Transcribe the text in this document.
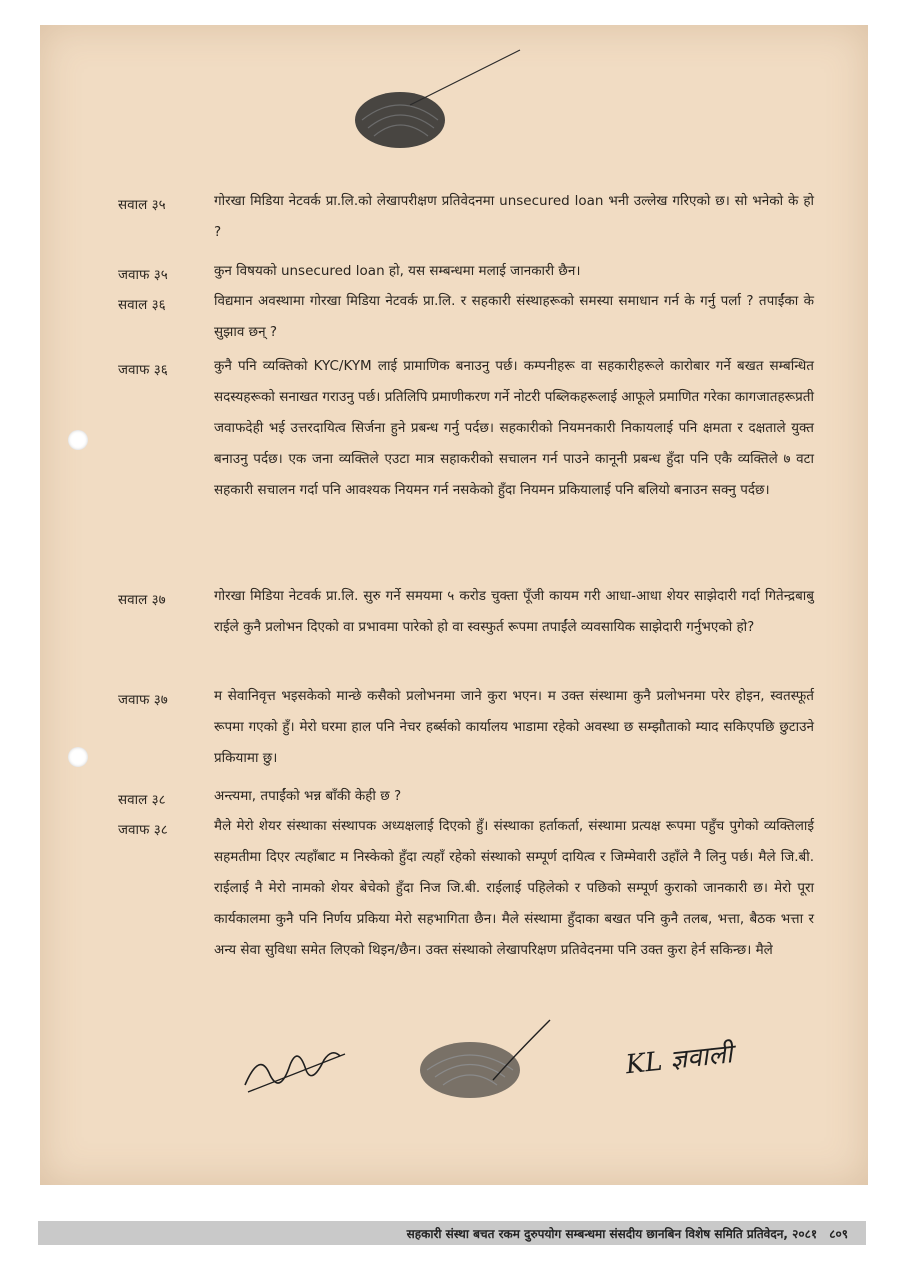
सवाल ३५	गोरखा मिडिया नेटवर्क प्रा.लि.को लेखापरीक्षण प्रतिवेदनमा unsecured loan भनी उल्लेख गरिएको छ। सो भनेको के हो ?
जवाफ ३५	कुन विषयको unsecured loan हो, यस सम्बन्धमा मलाई जानकारी छैन।
सवाल ३६	विद्यमान अवस्थामा गोरखा मिडिया नेटवर्क प्रा.लि. र सहकारी संस्थाहरूको समस्या समाधान गर्न के गर्नु पर्ला ? तपाईंका के सुझाव छन् ?
जवाफ ३६	कुनै पनि व्यक्तिको KYC/KYM लाई प्रामाणिक बनाउनु पर्छ। कम्पनीहरू वा सहकारीहरूले कारोबार गर्ने बखत सम्बन्धित सदस्यहरूको सनाखत गराउनु पर्छ। प्रतिलिपि प्रमाणीकरण गर्ने नोटरी पब्लिकहरूलाई आफूले प्रमाणित गरेका कागजातहरूप्रती जवाफदेही भई उत्तरदायित्व सिर्जना हुने प्रबन्ध गर्नु पर्दछ। सहकारीको नियमनकारी निकायलाई पनि क्षमता र दक्षताले युक्त बनाउनु पर्दछ। एक जना व्यक्तिले एउटा मात्र सहाकरीको सचालन गर्न पाउने कानूनी प्रबन्ध हुँदा पनि एकै व्यक्तिले ७ वटा सहकारी सचालन गर्दा पनि आवश्यक नियमन गर्न नसकेको हुँदा नियमन प्रकियालाई पनि बलियो बनाउन सक्नु पर्दछ।
सवाल ३७	गोरखा मिडिया नेटवर्क प्रा.लि. सुरु गर्ने समयमा ५ करोड चुक्ता पूँजी कायम गरी आधा-आधा शेयर साझेदारी गर्दा गितेन्द्रबाबु राईले कुनै प्रलोभन दिएको वा प्रभावमा पारेको हो वा स्वस्फुर्त रूपमा तपाईंले व्यवसायिक साझेदारी गर्नुभएको हो?
जवाफ ३७	म सेवानिवृत्त भइसकेको मान्छे कसैको प्रलोभनमा जाने कुरा भएन। म उक्त संस्थामा कुनै प्रलोभनमा परेर होइन, स्वतस्फूर्त रूपमा गएको हुँ। मेरो घरमा हाल पनि नेचर हर्ब्सको कार्यालय भाडामा रहेको अवस्था छ सम्झौताको म्याद सकिएपछि छुटाउने प्रकियामा छु।
सवाल ३८	अन्त्यमा, तपाईंको भन्न बाँकी केही छ ?
जवाफ ३८	मैले मेरो शेयर संस्थाका संस्थापक अध्यक्षलाई दिएको हुँ। संस्थाका हर्ताकर्ता, संस्थामा प्रत्यक्ष रूपमा पहुँच पुगेको व्यक्तिलाई सहमतीमा दिएर त्यहाँबाट म निस्केको हुँदा त्यहाँ रहेको संस्थाको सम्पूर्ण दायित्व र जिम्मेवारी उहाँले नै लिनु पर्छ। मैले जि.बी. राईलाई नै मेरो नामको शेयर बेचेको हुँदा निज जि.बी. राईलाई पहिलेको र पछिको सम्पूर्ण कुराको जानकारी छ। मेरो पूरा कार्यकालमा कुनै पनि निर्णय प्रकिया मेरो सहभागिता छैन। मैले संस्थामा हुँदाका बखत पनि कुनै तलब, भत्ता, बैठक भत्ता र अन्य सेवा सुविधा समेत लिएको थिइन/छैन। उक्त संस्थाको लेखापरिक्षण प्रतिवेदनमा पनि उक्त कुरा हेर्न सकिन्छ। मैले
KL ज्ञवाली
सहकारी संस्था बचत रकम दुरुपयोग सम्बन्धमा संसदीय छानबिन विशेष समिति प्रतिवेदन, २०८१ ८०९
